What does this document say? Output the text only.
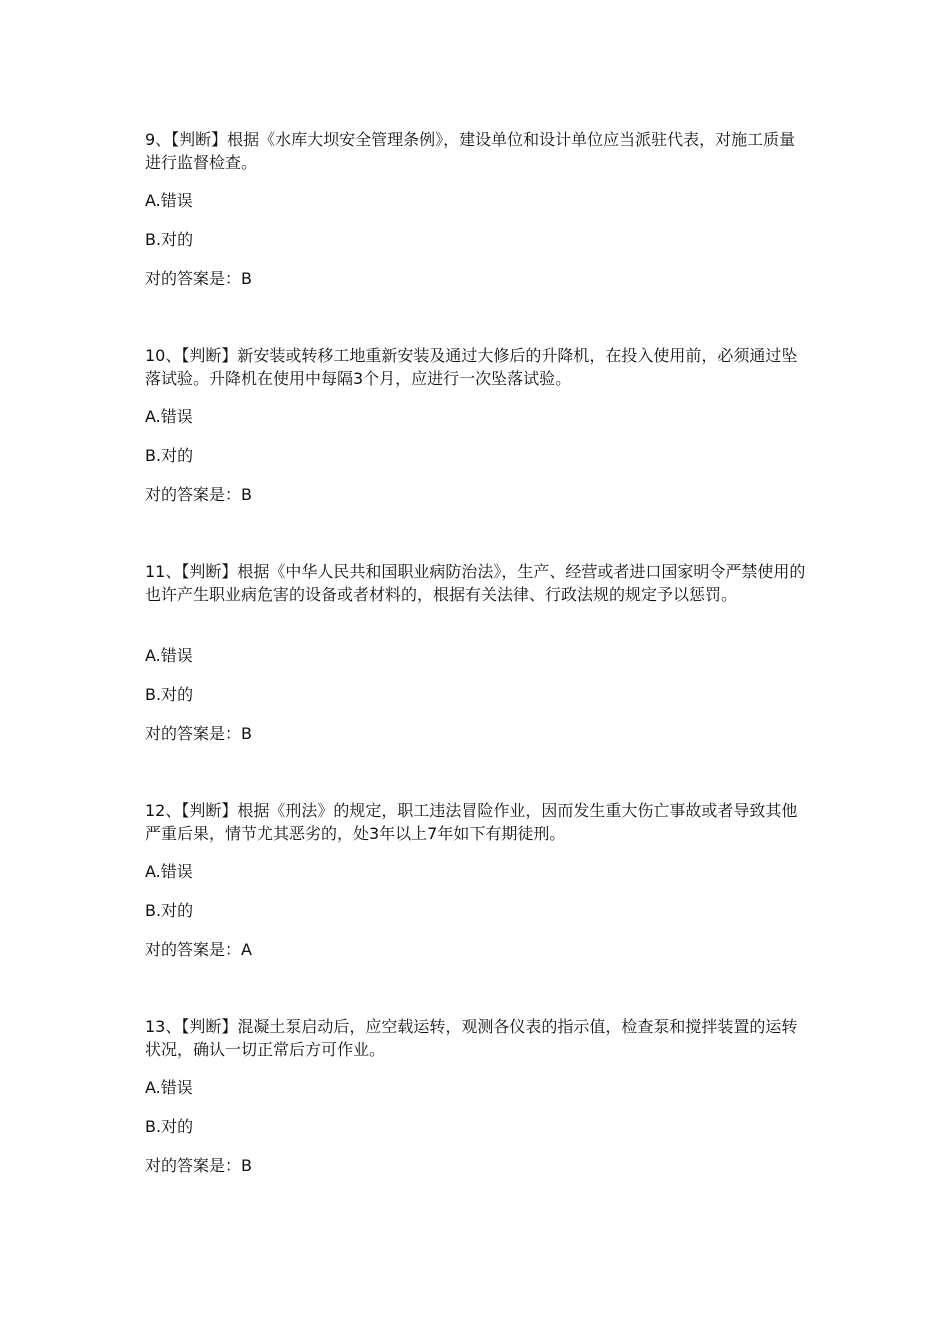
9、【判断】根据《水库大坝安全管理条例》，建设单位和设计单位应当派驻代表，对施工质量进行监督检查。

A.错误

B.对的

对的答案是：B

10、【判断】新安装或转移工地重新安装及通过大修后的升降机，在投入使用前，必须通过坠落试验。升降机在使用中每隔3个月，应进行一次坠落试验。

A.错误

B.对的

对的答案是：B

11、【判断】根据《中华人民共和国职业病防治法》，生产、经营或者进口国家明令严禁使用的也许产生职业病危害的设备或者材料的，根据有关法律、行政法规的规定予以惩罚。

A.错误

B.对的

对的答案是：B

12、【判断】根据《刑法》的规定，职工违法冒险作业，因而发生重大伤亡事故或者导致其他严重后果，情节尤其恶劣的，处3年以上7年如下有期徒刑。

A.错误

B.对的

对的答案是：A

13、【判断】混凝土泵启动后，应空载运转，观测各仪表的指示值，检查泵和搅拌装置的运转状况，确认一切正常后方可作业。

A.错误

B.对的

对的答案是：B
